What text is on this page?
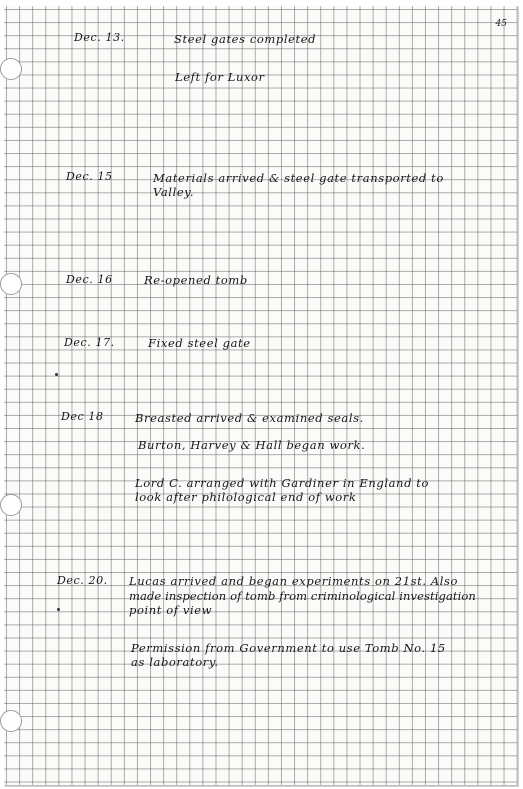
45
Dec. 13.	Steel gates completed
Left for Luxor
Dec. 15	Materials arrived & steel gate transported to
Valley.
Dec. 16	Re-opened tomb
Dec. 17.	Fixed steel gate
Dec 18	Breasted arrived & examined seals.
Burton, Harvey & Hall began work.
Lord C. arranged with Gardiner in England to
look after philological end of work
Dec. 20. Lucas arrived and began experiments on 21st. Also
made inspection of tomb from criminological investigation
point of view
Permission from Government to use Tomb No. 15
as laboratory.
